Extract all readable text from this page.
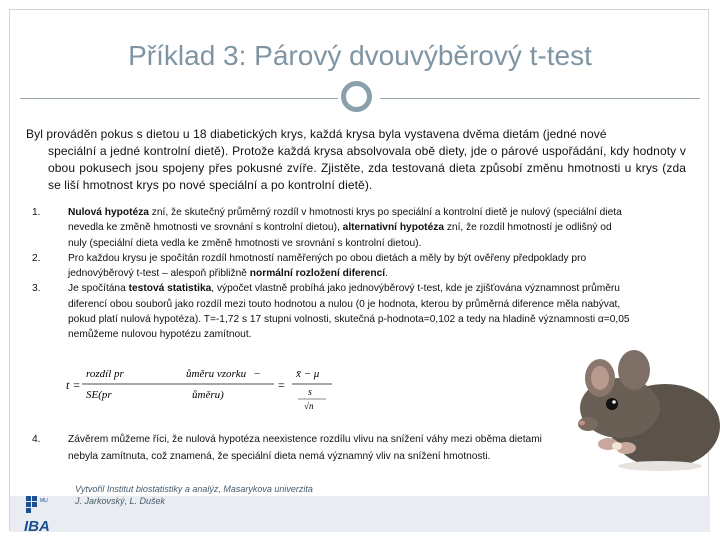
Příklad 3: Párový dvouvýběrový t-test
Byl prováděn pokus s dietou u 18 diabetických krys, každá krysa byla vystavena dvěma dietám (jedné nové
speciální a jedné kontrolní dietě). Protože každá krysa absolvovala obě diety, jde o párové uspořádání, kdy hodnoty v obou pokusech jsou spojeny přes pokusné zvíře. Zjistěte, zda testovaná dieta způsobí změnu hmotnosti u krys (zda se liší hmotnost krys po nové speciální a po kontrolní dietě).
1.	Nulová hypotéza zní, že skutečný průměrný rozdíl v hmotnosti krys po speciální a kontrolní dietě je nulový (speciální dieta nevedla ke změně hmotnosti ve srovnání s kontrolní dietou), alternativní hypotéza zní, že rozdíl hmotností je odlišný od nuly (speciální dieta vedla ke změně hmotnosti ve srovnání s kontrolní dietou).
2.	Pro každou krysu je spočítán rozdíl hmotností naměřených po obou dietách a měly by být ověřeny předpoklady pro jednovýběrový t-test – alespoň přibližně normální rozložení diferencí.
3.	Je spočítána testová statistika, výpočet vlastně probíhá jako jednovýběrový t-test, kde je zjišťována významnost průměru diferencí obou souborů jako rozdíl mezi touto hodnotou a nulou (0 je hodnota, kterou by průměrná diference měla nabývat, pokud platí nulová hypotéza). T=-1,72 s 17 stupni volnosti, skutečná p-hodnota=0,102 a tedy na hladině významnosti α=0,05 nemůžeme nulovou hypotézu zamítnout.
t =
rozdíl pr	ůměru vzorku −
SE(pr	ůměru)
=
x̄ − μ
s
√n
4.	Závěrem můžeme říci, že nulová hypotéza neexistence rozdílu vlivu na snížení váhy mezi oběma dietami nebyla zamítnuta, což znamená, že speciální dieta nemá významný vliv na snížení hmotnosti.
MU
IBA
Vytvořil Institut biostatistiky a analýz, Masarykova univerzita
J. Jarkovský, L. Dušek
